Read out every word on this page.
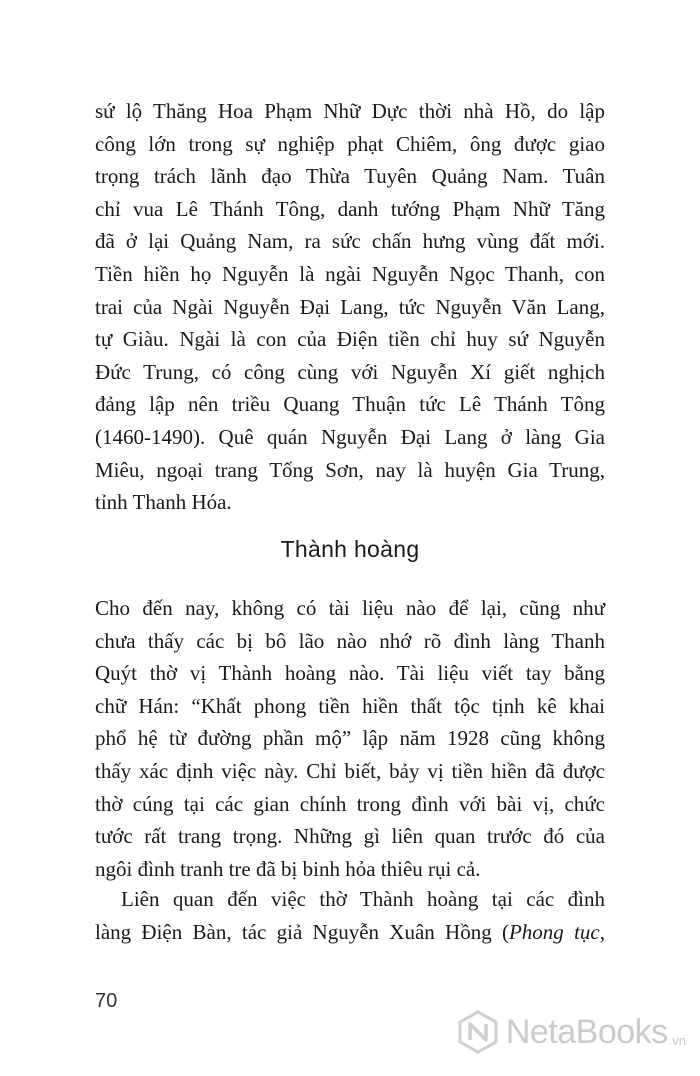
sứ lộ Thăng Hoa Phạm Nhữ Dực thời nhà Hồ, do lập
công lớn trong sự nghiệp phạt Chiêm, ông được giao
trọng trách lãnh đạo Thừa Tuyên Quảng Nam. Tuân
chỉ vua Lê Thánh Tông, danh tướng Phạm Nhữ Tăng
đã ở lại Quảng Nam, ra sức chấn hưng vùng đất mới.
Tiền hiền họ Nguyễn là ngài Nguyễn Ngọc Thanh, con
trai của Ngài Nguyễn Đại Lang, tức Nguyễn Văn Lang,
tự Giàu. Ngài là con của Điện tiền chỉ huy sứ Nguyễn
Đức Trung, có công cùng với Nguyễn Xí giết nghịch
đảng lập nên triều Quang Thuận tức Lê Thánh Tông
(1460-1490). Quê quán Nguyễn Đại Lang ở làng Gia
Miêu, ngoại trang Tống Sơn, nay là huyện Gia Trung,
tỉnh Thanh Hóa.
Thành hoàng
Cho đến nay, không có tài liệu nào để lại, cũng như
chưa thấy các bị bô lão nào nhớ rõ đình làng Thanh
Quýt thờ vị Thành hoàng nào. Tài liệu viết tay bằng
chữ Hán: “Khất phong tiền hiền thất tộc tịnh kê khai
phổ hệ từ đường phần mộ” lập năm 1928 cũng không
thấy xác định việc này. Chỉ biết, bảy vị tiền hiền đã được
thờ cúng tại các gian chính trong đình với bài vị, chức
tước rất trang trọng. Những gì liên quan trước đó của
ngôi đình tranh tre đã bị binh hỏa thiêu rụi cả.
Liên quan đến việc thờ Thành hoàng tại các đình
làng Điện Bàn, tác giả Nguyễn Xuân Hồng (Phong tục,
70
NetaBooks .vn
